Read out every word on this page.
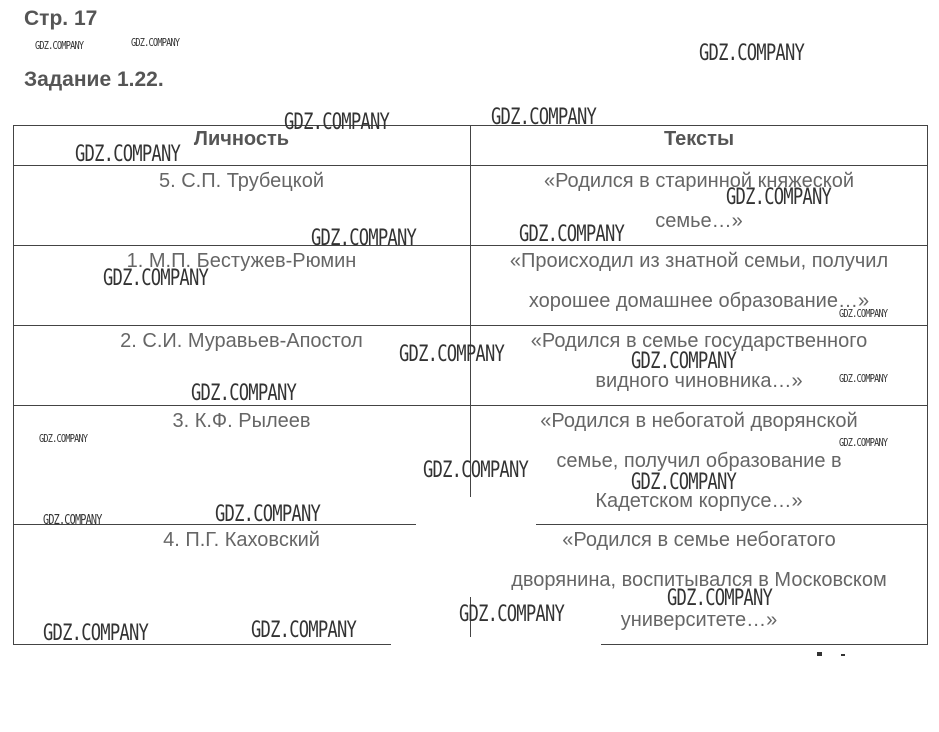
Стр. 17
Задание 1.22.
Личность	Тексты
5. С.П. Трубецкой	«Родился в старинной княжеской
семье…»
1. М.П. Бестужев-Рюмин	«Происходил из знатной семьи, получил
хорошее домашнее образование…»
2. С.И. Муравьев-Апостол	«Родился в семье государственного
видного чиновника…»
3. К.Ф. Рылеев	«Родился в небогатой дворянской
семье, получил образование в
Кадетском корпусе…»
4. П.Г. Каховский	«Родился в семье небогатого
дворянина, воспитывался в Московском
университете…»
GDZ.COMPANY	GDZ.COMPANY	GDZ.COMPANY
GDZ.COMPANY	GDZ.COMPANY
GDZ.COMPANY
GDZ.COMPANY
GDZ.COMPANY	GDZ.COMPANY
GDZ.COMPANY
GDZ.COMPANY
GDZ.COMPANY	GDZ.COMPANY
GDZ.COMPANY
GDZ.COMPANY
GDZ.COMPANY	GDZ.COMPANY
GDZ.COMPANY	GDZ.COMPANY
GDZ.COMPANY
GDZ.COMPANY
GDZ.COMPANY
GDZ.COMPANY
GDZ.COMPANY
GDZ.COMPANY
